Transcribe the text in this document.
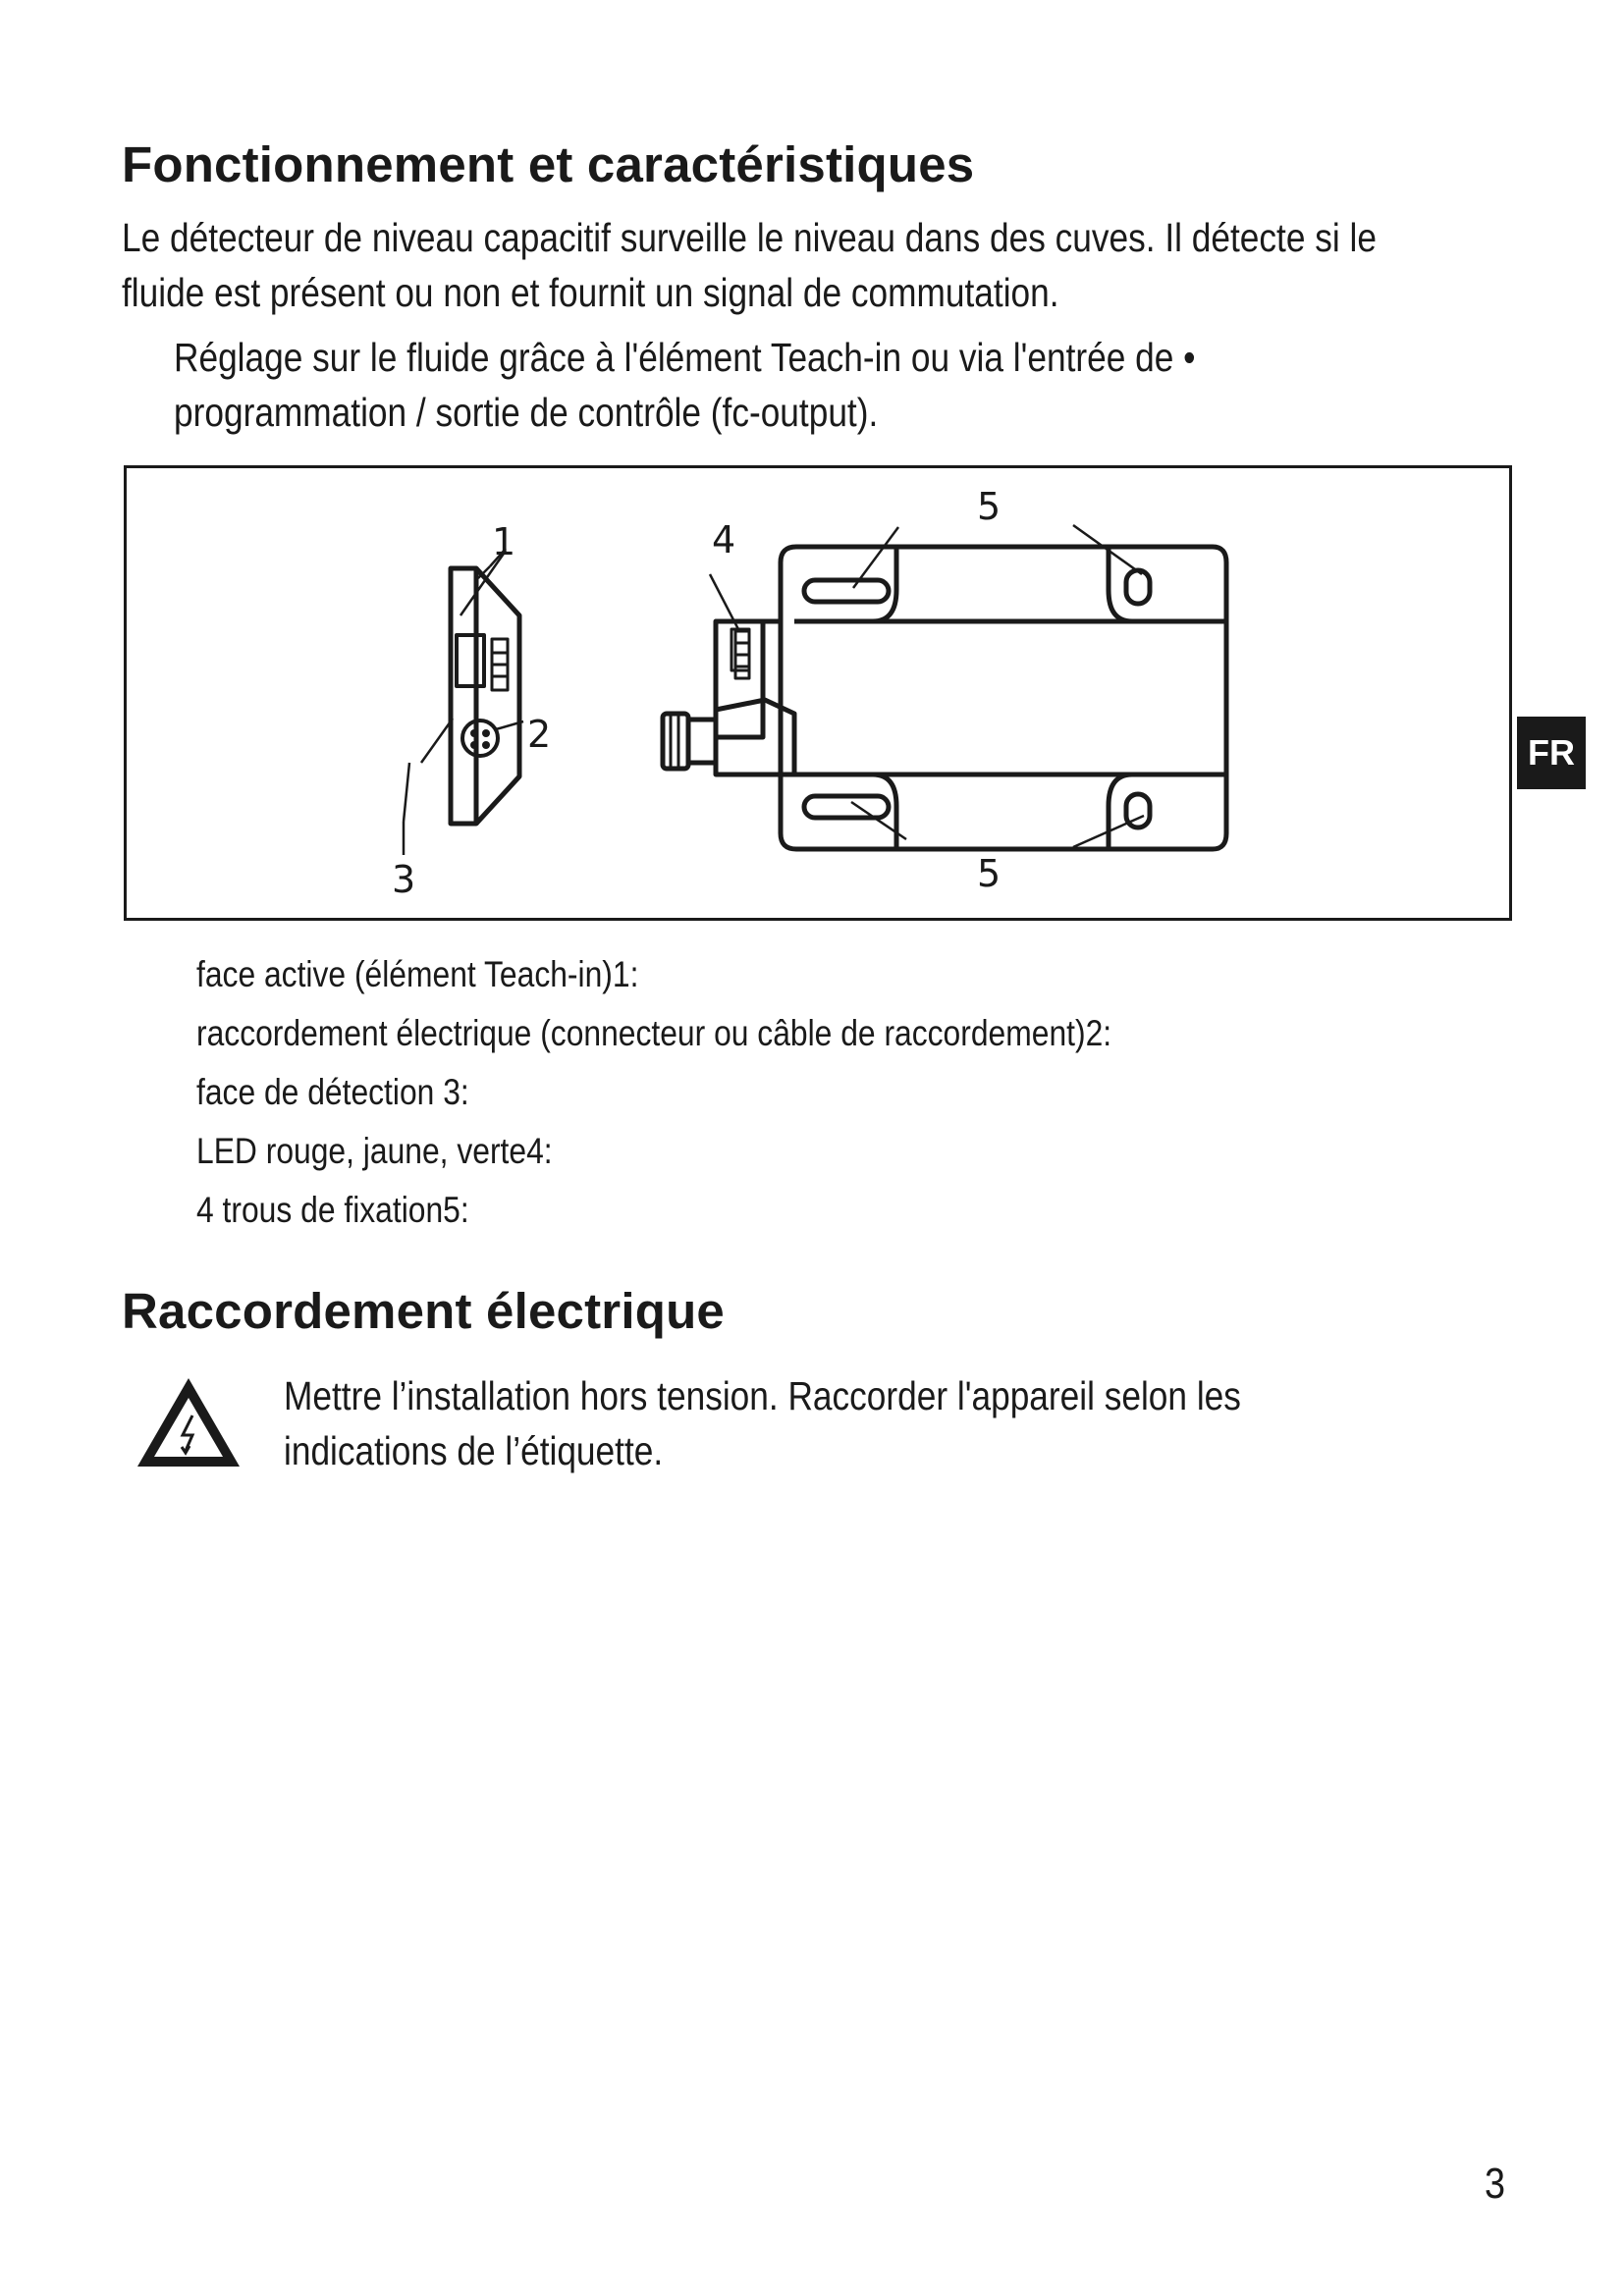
Fonctionnement et caractéristiques
Le détecteur de niveau capacitif surveille le niveau dans des cuves. Il détecte si le
fluide est présent ou non et fournit un signal de commutation.
Réglage sur le fluide grâce à l'élément Teach-in ou via l'entrée de •
programmation / sortie de contrôle (fc-output).
1
2
3
4
5
5
face active (élément Teach-in)1:
raccordement électrique (connecteur ou câble de raccordement)2:
face de détection 3:
LED rouge, jaune, verte4:
4 trous de fixation5:
Raccordement électrique
Mettre l’installation hors tension. Raccorder l'appareil selon les
indications de l’étiquette.
FR
3
